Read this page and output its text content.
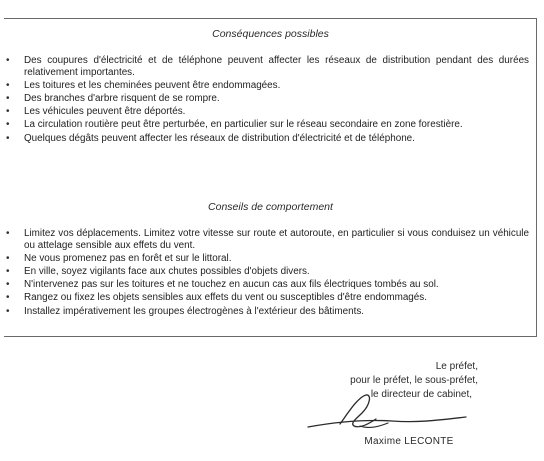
Conséquences possibles
• Des coupures d'électricité et de téléphone peuvent affecter les réseaux de distribution pendant des durées relativement importantes.
• Les toitures et les cheminées peuvent être endommagées.
• Des branches d'arbre risquent de se rompre.
• Les véhicules peuvent être déportés.
• La circulation routière peut être perturbée, en particulier sur le réseau secondaire en zone forestière.
• Quelques dégâts peuvent affecter les réseaux de distribution d'électricité et de téléphone.
Conseils de comportement
• Limitez vos déplacements. Limitez votre vitesse sur route et autoroute, en particulier si vous conduisez un véhicule ou attelage sensible aux effets du vent.
• Ne vous promenez pas en forêt et sur le littoral.
• En ville, soyez vigilants face aux chutes possibles d'objets divers.
• N'intervenez pas sur les toitures et ne touchez en aucun cas aux fils électriques tombés au sol.
• Rangez ou fixez les objets sensibles aux effets du vent ou susceptibles d'être endommagés.
• Installez impérativement les groupes électrogènes à l'extérieur des bâtiments.
Le préfet,
pour le préfet, le sous-préfet,
le directeur de cabinet,
Maxime LECONTE
